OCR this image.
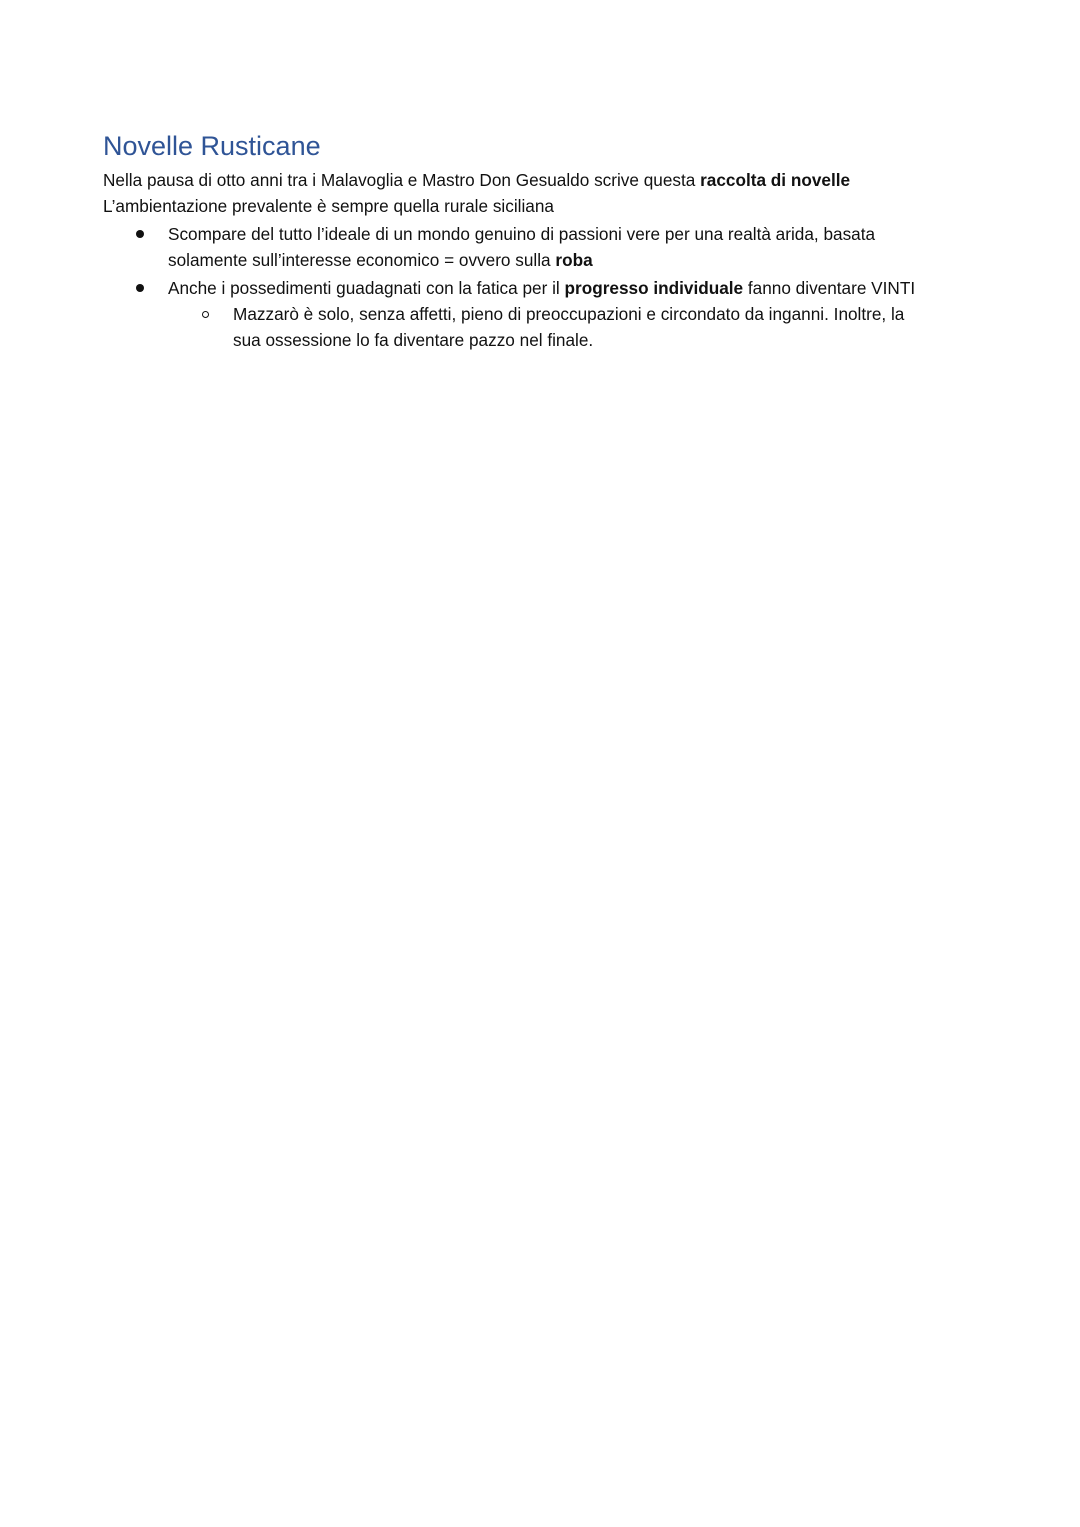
Novelle Rusticane

Nella pausa di otto anni tra i Malavoglia e Mastro Don Gesualdo scrive questa raccolta di novelle

L’ambientazione prevalente è sempre quella rurale siciliana

Scompare del tutto l’ideale di un mondo genuino di passioni vere per una realtà arida, basata
solamente sull’interesse economico = ovvero sulla roba
Anche i possedimenti guadagnati con la fatica per il progresso individuale fanno diventare VINTI
Mazzarò è solo, senza affetti, pieno di preoccupazioni e circondato da inganni. Inoltre, la
sua ossessione lo fa diventare pazzo nel finale.
